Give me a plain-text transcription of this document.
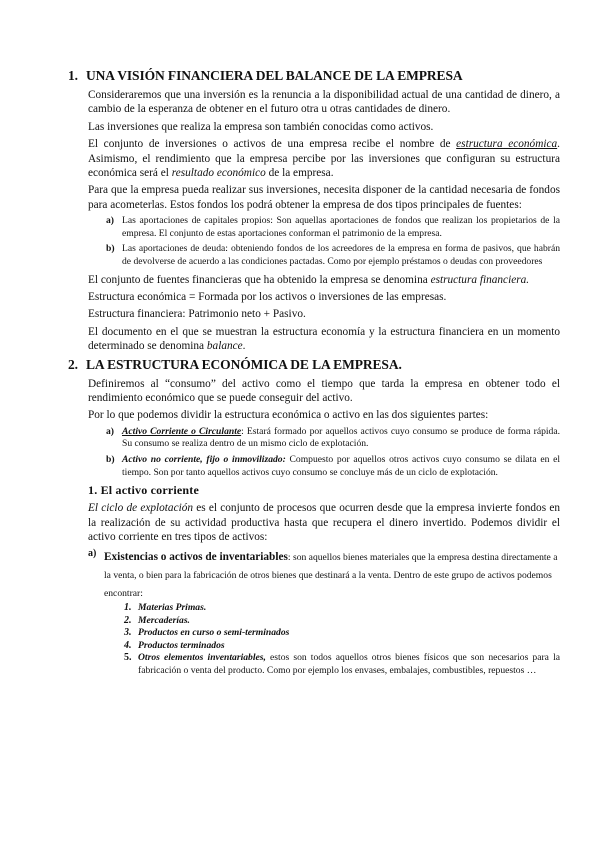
1. UNA VISIÓN FINANCIERA DEL BALANCE DE LA EMPRESA

Consideraremos que una inversión es la renuncia a la disponibilidad actual de una cantidad de dinero, a cambio de la esperanza de obtener en el futuro otra u otras cantidades de dinero.

Las inversiones que realiza la empresa son también conocidas como activos.

El conjunto de inversiones o activos de una empresa recibe el nombre de estructura económica. Asimismo, el rendimiento que la empresa percibe por las inversiones que configuran su estructura económica será el resultado económico de la empresa.

Para que la empresa pueda realizar sus inversiones, necesita disponer de la cantidad necesaria de fondos para acometerlas. Estos fondos los podrá obtener la empresa de dos tipos principales de fuentes:

a) Las aportaciones de capitales propios: Son aquellas aportaciones de fondos que realizan los propietarios de la empresa. El conjunto de estas aportaciones conforman el patrimonio de la empresa.
b) Las aportaciones de deuda: obteniendo fondos de los acreedores de la empresa en forma de pasivos, que habrán de devolverse de acuerdo a las condiciones pactadas. Como por ejemplo préstamos o deudas con proveedores

El conjunto de fuentes financieras que ha obtenido la empresa se denomina estructura financiera.

Estructura económica = Formada por los activos o inversiones de las empresas.

Estructura financiera: Patrimonio neto + Pasivo.

El documento en el que se muestran la estructura economía y la estructura financiera en un momento determinado se denomina balance.

2. LA ESTRUCTURA ECONÓMICA DE LA EMPRESA.

Definiremos al “consumo” del activo como el tiempo que tarda la empresa en obtener todo el rendimiento económico que se puede conseguir del activo.

Por lo que podemos dividir la estructura económica o activo en las dos siguientes partes:

a) Activo Corriente o Circulante: Estará formado por aquellos activos cuyo consumo se produce de forma rápida. Su consumo se realiza dentro de un mismo ciclo de explotación.
b) Activo no corriente, fijo o inmovilizado: Compuesto por aquellos otros activos cuyo consumo se dilata en el tiempo. Son por tanto aquellos activos cuyo consumo se concluye más de un ciclo de explotación.
1. El activo corriente

El ciclo de explotación es el conjunto de procesos que ocurren desde que la empresa invierte fondos en la realización de su actividad productiva hasta que recupera el dinero invertido. Podemos dividir el activo corriente en tres tipos de activos:

a) Existencias o activos de inventariables: son aquellos bienes materiales que la empresa destina directamente a la venta, o bien para la fabricación de otros bienes que destinará a la venta. Dentro de este grupo de activos podemos encontrar:
1. Materias Primas.
2. Mercaderías.
3. Productos en curso o semi-terminados
4. Productos terminados
5. Otros elementos inventariables, estos son todos aquellos otros bienes físicos que son necesarios para la fabricación o venta del producto. Como por ejemplo los envases, embalajes, combustibles, repuestos …
